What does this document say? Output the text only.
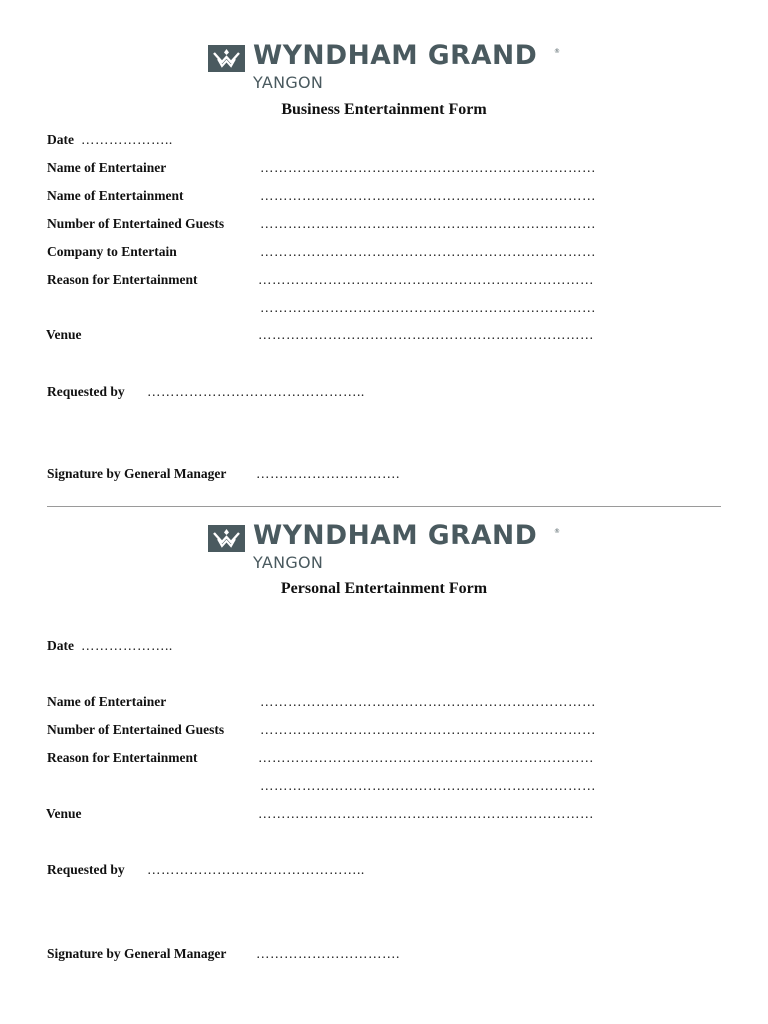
WYNDHAM GRAND	®
YANGON
Business Entertainment Form
Date ………………..
Name of Entertainer	………………………………………………………………
Name of Entertainment	………………………………………………………………
Number of Entertained Guests	………………………………………………………………
Company to Entertain	………………………………………………………………
Reason for Entertainment	………………………………………………………………
………………………………………………………………
Venue	………………………………………………………………
Requested by ………………………………………..
Signature by General Manager ………………………….
WYNDHAM GRAND	®
YANGON
Personal Entertainment Form
Date ………………..
Name of Entertainer	………………………………………………………………
Number of Entertained Guests	………………………………………………………………
Reason for Entertainment	………………………………………………………………
………………………………………………………………
Venue	………………………………………………………………
Requested by ………………………………………..
Signature by General Manager ………………………….
